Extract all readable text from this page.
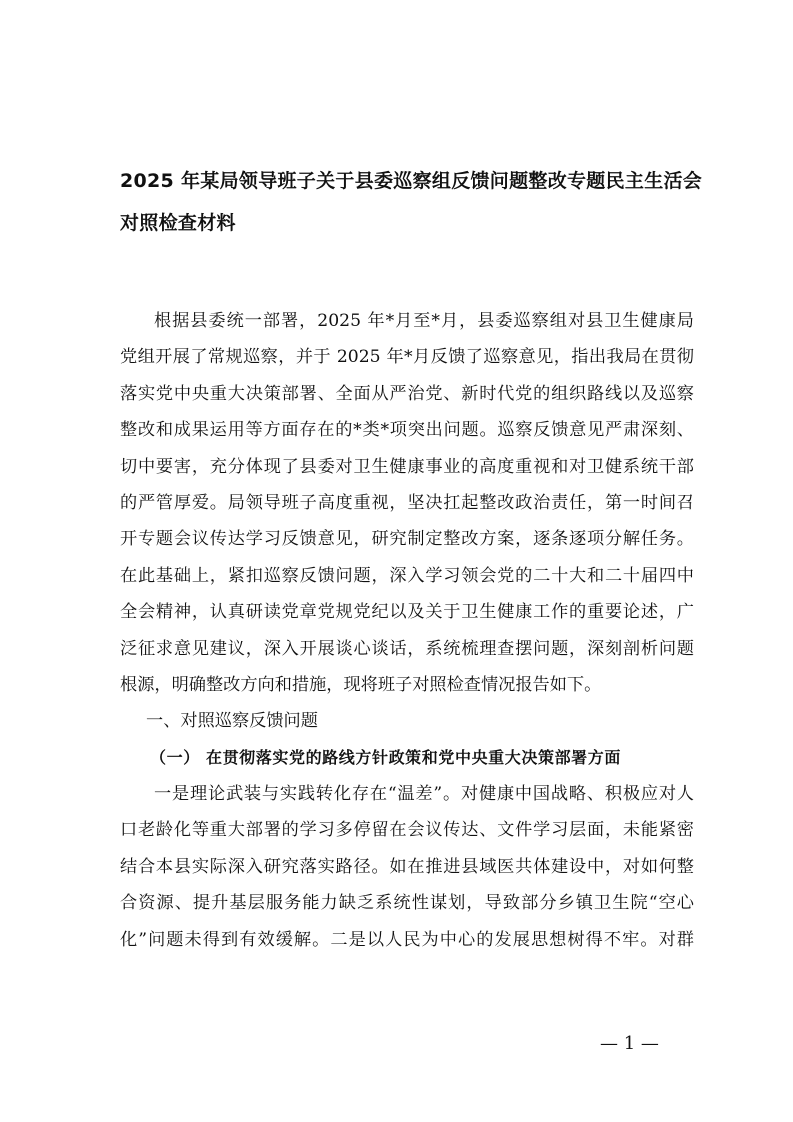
2025 年某局领导班子关于县委巡察组反馈问题整改专题民主生活会
对照检查材料
根据县委统一部署，2025 年*月至*月，县委巡察组对县卫生健康局
党组开展了常规巡察，并于 2025 年*月反馈了巡察意见，指出我局在贯彻
落实党中央重大决策部署、全面从严治党、新时代党的组织路线以及巡察
整改和成果运用等方面存在的*类*项突出问题。巡察反馈意见严肃深刻、
切中要害，充分体现了县委对卫生健康事业的高度重视和对卫健系统干部
的严管厚爱。局领导班子高度重视，坚决扛起整改政治责任，第一时间召
开专题会议传达学习反馈意见，研究制定整改方案，逐条逐项分解任务。
在此基础上，紧扣巡察反馈问题，深入学习领会党的二十大和二十届四中
全会精神，认真研读党章党规党纪以及关于卫生健康工作的重要论述，广
泛征求意见建议，深入开展谈心谈话，系统梳理查摆问题，深刻剖析问题
根源，明确整改方向和措施，现将班子对照检查情况报告如下。
一、对照巡察反馈问题
（一） 在贯彻落实党的路线方针政策和党中央重大决策部署方面
一是理论武装与实践转化存在“温差”。对健康中国战略、积极应对人
口老龄化等重大部署的学习多停留在会议传达、文件学习层面，未能紧密
结合本县实际深入研究落实路径。如在推进县域医共体建设中，对如何整
合资源、提升基层服务能力缺乏系统性谋划，导致部分乡镇卫生院“空心
化”问题未得到有效缓解。二是以人民为中心的发展思想树得不牢。对群
— 1 —
